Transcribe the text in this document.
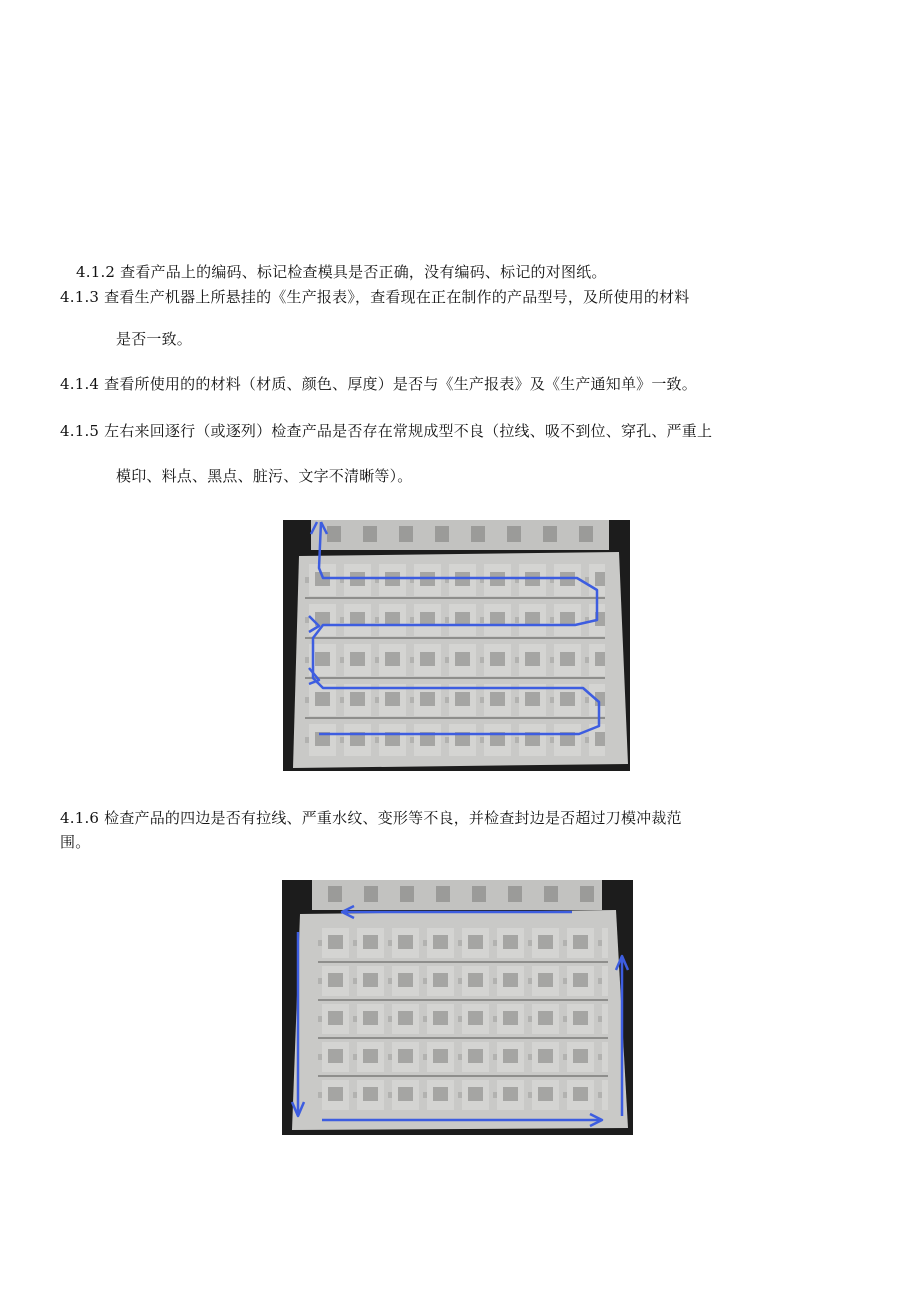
4.1.2 查看产品上的编码、标记检查模具是否正确，没有编码、标记的对图纸。
4.1.3 查看生产机器上所悬挂的《生产报表》，查看现在正在制作的产品型号，及所使用的材料
是否一致。
4.1.4 查看所使用的的材料（材质、颜色、厚度）是否与《生产报表》及《生产通知单》一致。
4.1.5 左右来回逐行（或逐列）检查产品是否存在常规成型不良（拉线、吸不到位、穿孔、严重上
模印、料点、黑点、脏污、文字不清晰等）。
4.1.6 检查产品的四边是否有拉线、严重水纹、变形等不良，并检查封边是否超过刀模冲裁范
围。
